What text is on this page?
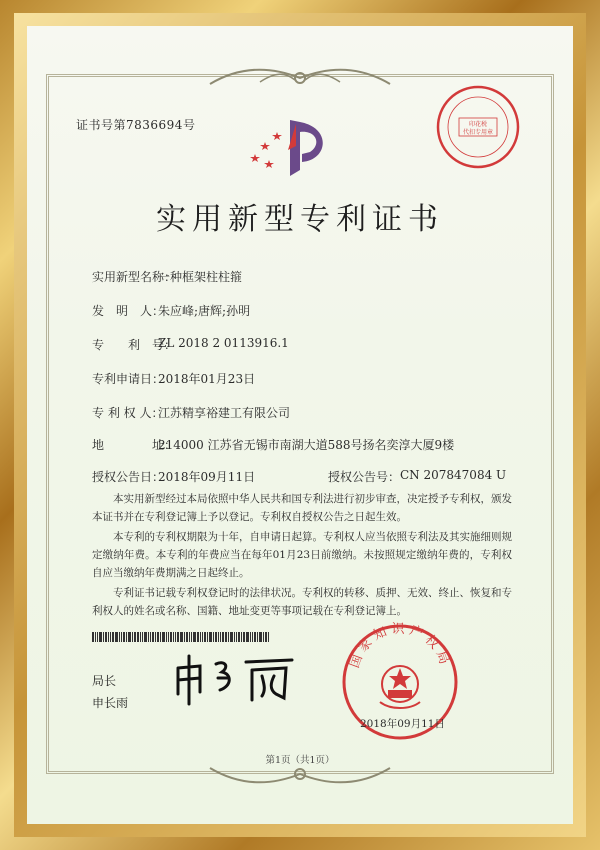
证书号第7836694号	印花税
代扣专用章
实用新型专利证书
实用新型名称：
一种框架柱柱箍
发　明　人：
朱应峰;唐辉;孙明
专　　利　号：
ZL 2018 2 0113916.1
专利申请日：
2018年01月23日
专 利 权 人：
江苏精享裕建工有限公司
地　　　　址：
214000 江苏省无锡市南湖大道588号扬名奕淳大厦9楼
授权公告日：
2018年09月11日	授权公告号： CN 207847084 U
本实用新型经过本局依照中华人民共和国专利法进行初步审查，决定授予专利权，颁发本证书并在专利登记簿上予以登记。专利权自授权公告之日起生效。
本专利的专利权期限为十年，自申请日起算。专利权人应当依照专利法及其实施细则规定缴纳年费。本专利的年费应当在每年01月23日前缴纳。未按照规定缴纳年费的，专利权自应当缴纳年费期满之日起终止。
专利证书记载专利权登记时的法律状况。专利权的转移、质押、无效、终止、恢复和专利权人的姓名或名称、国籍、地址变更等事项记载在专利登记簿上。
局长
申长雨
国家知识产权局
2018年09月11日
第1页（共1页）
